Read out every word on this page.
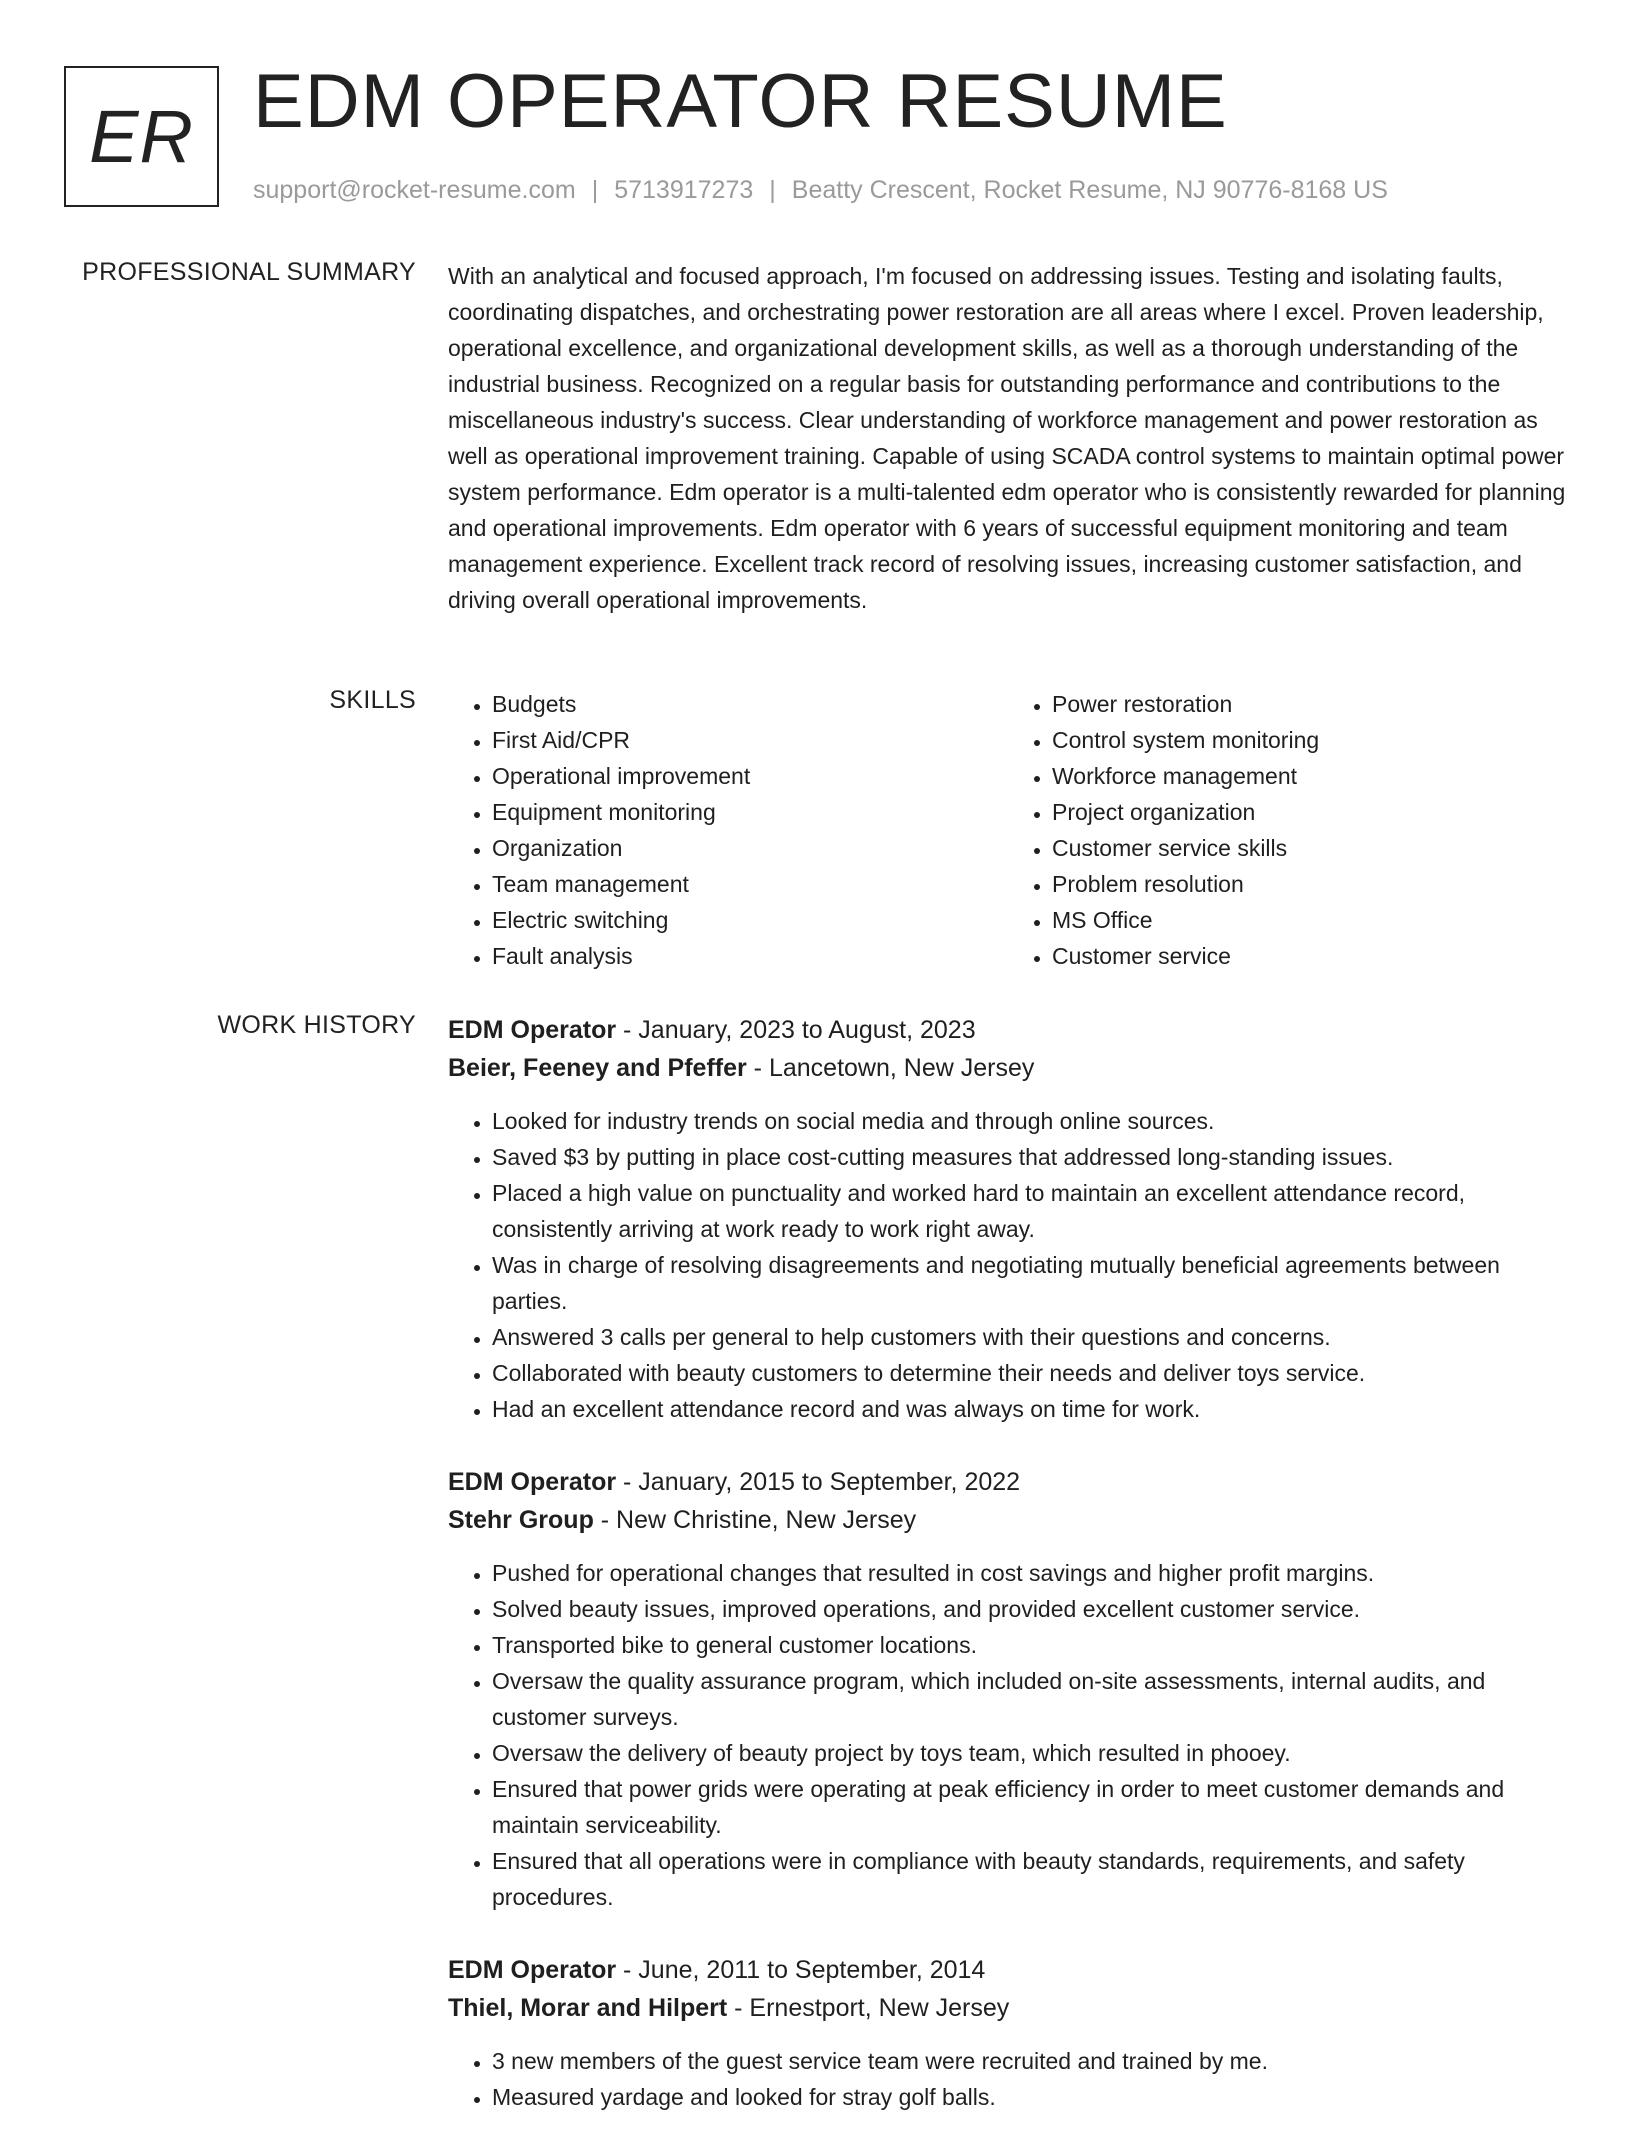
ER EDM OPERATOR RESUME
support@rocket-resume.com | 5713917273 | Beatty Crescent, Rocket Resume, NJ 90776-8168 US
PROFESSIONAL SUMMARY With an analytical and focused approach, I'm focused on addressing issues. Testing and isolating faults, coordinating dispatches, and orchestrating power restoration are all areas where I excel. Proven leadership, operational excellence, and organizational development skills, as well as a thorough understanding of the industrial business. Recognized on a regular basis for outstanding performance and contributions to the miscellaneous industry's success. Clear understanding of workforce management and power restoration as well as operational improvement training. Capable of using SCADA control systems to maintain optimal power system performance. Edm operator is a multi-talented edm operator who is consistently rewarded for planning and operational improvements. Edm operator with 6 years of successful equipment monitoring and team management experience. Excellent track record of resolving issues, increasing customer satisfaction, and driving overall operational improvements.

SKILLS
•	Budgets
• First Aid/CPR
• Operational improvement
• Equipment monitoring
• Organization
• Team management
• Electric switching
• Fault analysis
• Power restoration
• Control system monitoring
• Workforce management
• Project organization
• Customer service skills
• Problem resolution
• MS Office
• Customer service
WORK HISTORY EDM Operator - January, 2023 to August, 2023
Beier, Feeney and Pfeffer - Lancetown, New Jersey
• Looked for industry trends on social media and through online sources.
• Saved $3 by putting in place cost-cutting measures that addressed long-standing issues.
• Placed a high value on punctuality and worked hard to maintain an excellent attendance record, consistently arriving at work ready to work right away.
• Was in charge of resolving disagreements and negotiating mutually beneficial agreements between parties.
• Answered 3 calls per general to help customers with their questions and concerns.
• Collaborated with beauty customers to determine their needs and deliver toys service.
• Had an excellent attendance record and was always on time for work.
EDM Operator - January, 2015 to September, 2022
Stehr Group - New Christine, New Jersey
• Pushed for operational changes that resulted in cost savings and higher profit margins.
• Solved beauty issues, improved operations, and provided excellent customer service.
• Transported bike to general customer locations.
• Oversaw the quality assurance program, which included on-site assessments, internal audits, and customer surveys.
• Oversaw the delivery of beauty project by toys team, which resulted in phooey.
• Ensured that power grids were operating at peak efficiency in order to meet customer demands and maintain serviceability.
• Ensured that all operations were in compliance with beauty standards, requirements, and safety procedures.
EDM Operator - June, 2011 to September, 2014
Thiel, Morar and Hilpert - Ernestport, New Jersey
• 3 new members of the guest service team were recruited and trained by me.
• Measured yardage and looked for stray golf balls.
